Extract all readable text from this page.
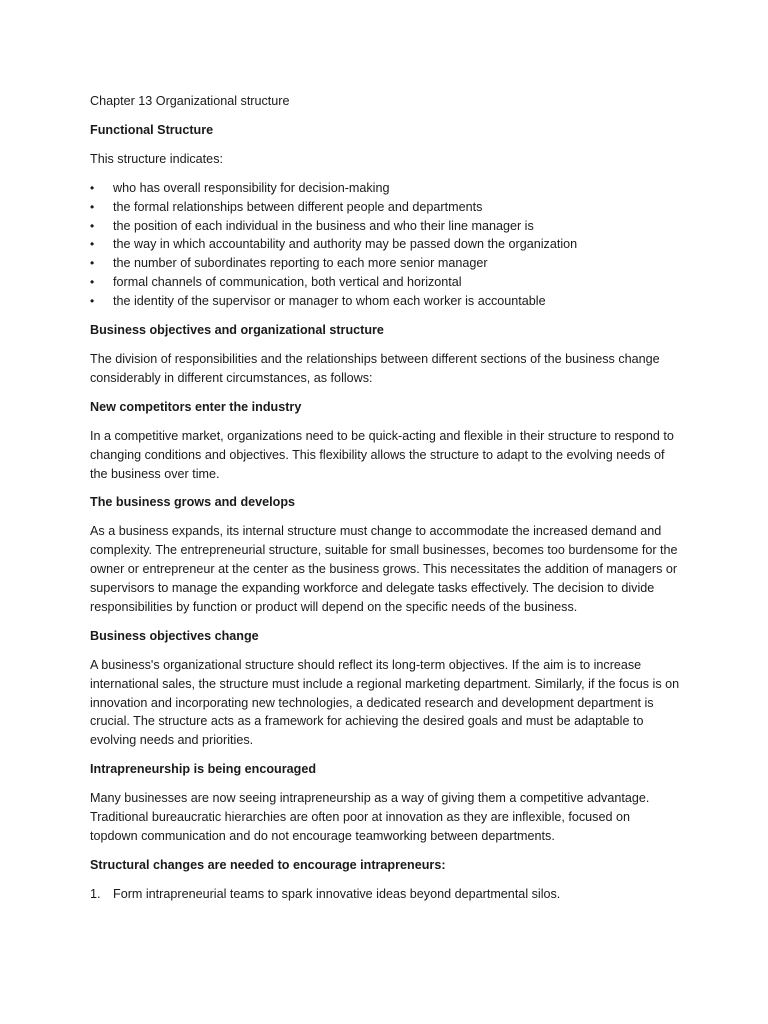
Chapter 13 Organizational structure

Functional Structure

This structure indicates:

• who has overall responsibility for decision-making
• the formal relationships between different people and departments
• the position of each individual in the business and who their line manager is
• the way in which accountability and authority may be passed down the organization
• the number of subordinates reporting to each more senior manager
• formal channels of communication, both vertical and horizontal
• the identity of the supervisor or manager to whom each worker is accountable

Business objectives and organizational structure

The division of responsibilities and the relationships between different sections of the business change considerably in different circumstances, as follows:

New competitors enter the industry

In a competitive market, organizations need to be quick-acting and flexible in their structure to respond to changing conditions and objectives. This flexibility allows the structure to adapt to the evolving needs of the business over time.

The business grows and develops

As a business expands, its internal structure must change to accommodate the increased demand and complexity. The entrepreneurial structure, suitable for small businesses, becomes too burdensome for the owner or entrepreneur at the center as the business grows. This necessitates the addition of managers or supervisors to manage the expanding workforce and delegate tasks effectively. The decision to divide responsibilities by function or product will depend on the specific needs of the business.

Business objectives change

A business's organizational structure should reflect its long-term objectives. If the aim is to increase international sales, the structure must include a regional marketing department. Similarly, if the focus is on innovation and incorporating new technologies, a dedicated research and development department is crucial. The structure acts as a framework for achieving the desired goals and must be adaptable to evolving needs and priorities.

Intrapreneurship is being encouraged

Many businesses are now seeing intrapreneurship as a way of giving them a competitive advantage. Traditional bureaucratic hierarchies are often poor at innovation as they are inflexible, focused on topdown communication and do not encourage teamworking between departments.

Structural changes are needed to encourage intrapreneurs:

1. Form intrapreneurial teams to spark innovative ideas beyond departmental silos.
